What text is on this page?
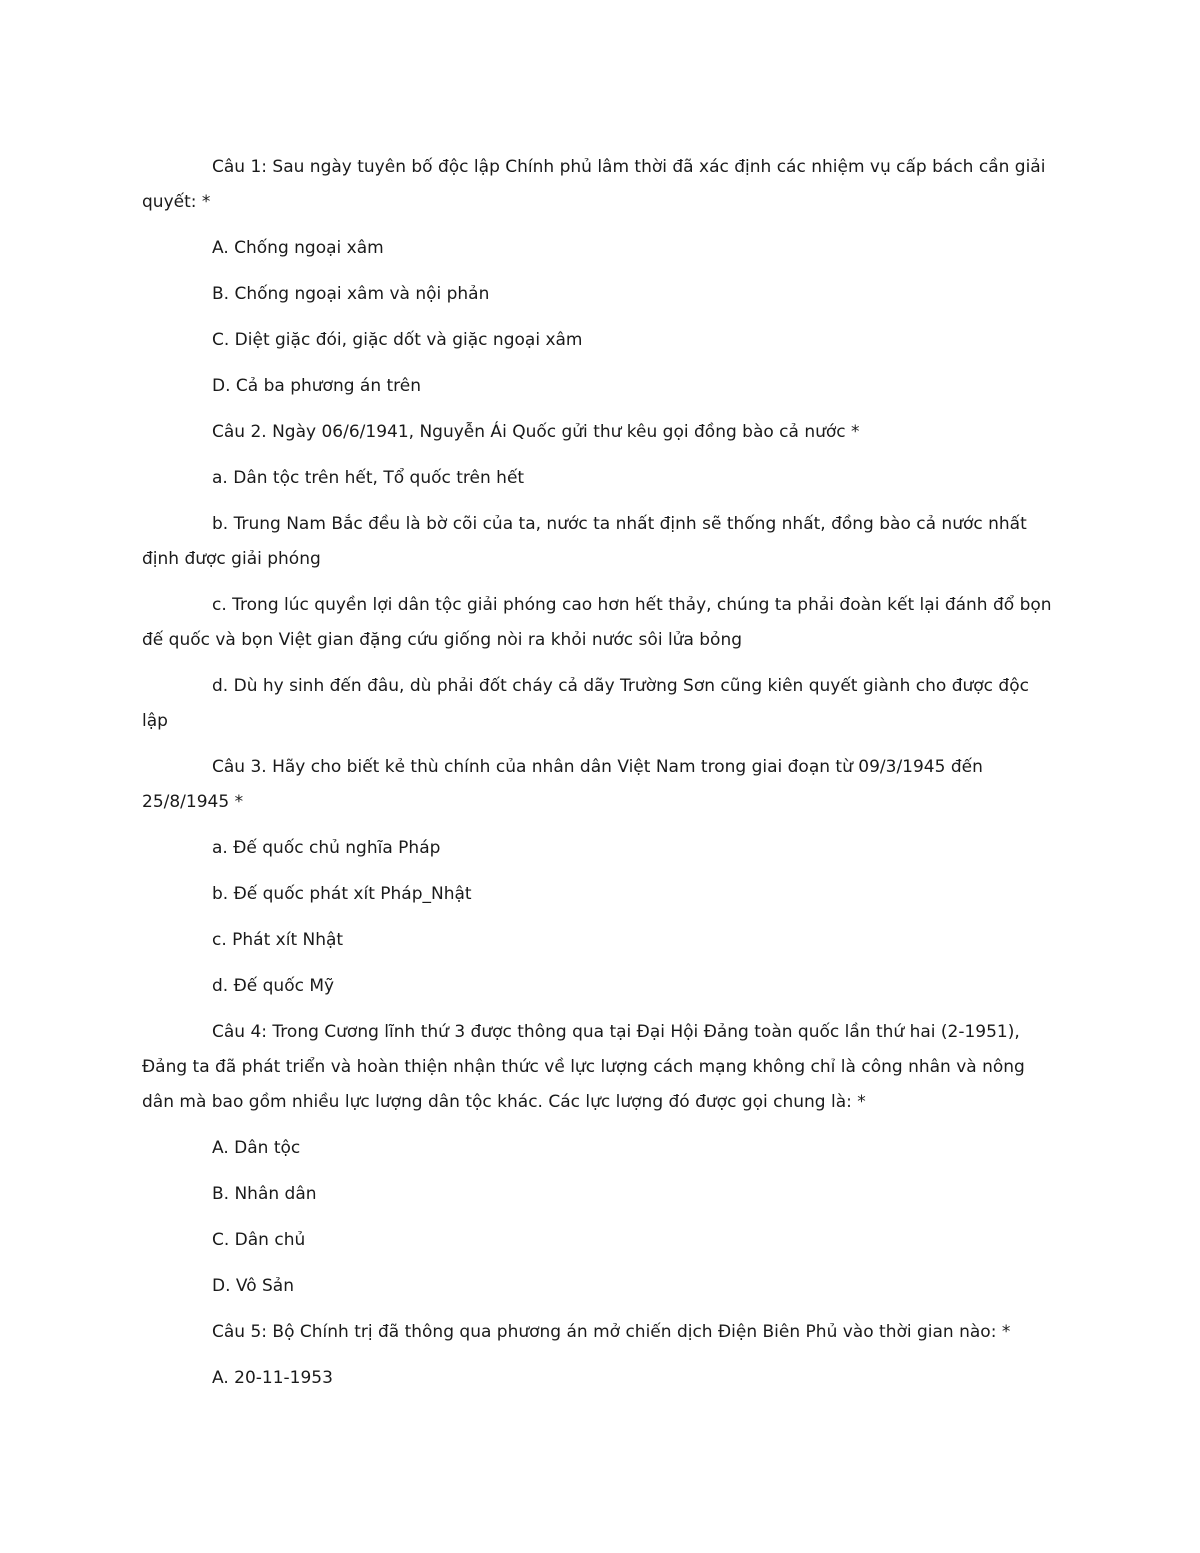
Câu 1: Sau ngày tuyên bố độc lập Chính phủ lâm thời đã xác định các nhiệm vụ cấp bách cần giải quyết: *

A. Chống ngoại xâm

B. Chống ngoại xâm và nội phản

C. Diệt giặc đói, giặc dốt và giặc ngoại xâm

D. Cả ba phương án trên

Câu 2. Ngày 06/6/1941, Nguyễn Ái Quốc gửi thư kêu gọi đồng bào cả nước *

a. Dân tộc trên hết, Tổ quốc trên hết

b. Trung Nam Bắc đều là bờ cõi của ta, nước ta nhất định sẽ thống nhất, đồng bào cả nước nhất định được giải phóng

c. Trong lúc quyền lợi dân tộc giải phóng cao hơn hết thảy, chúng ta phải đoàn kết lại đánh đổ bọn đế quốc và bọn Việt gian đặng cứu giống nòi ra khỏi nước sôi lửa bỏng

d. Dù hy sinh đến đâu, dù phải đốt cháy cả dãy Trường Sơn cũng kiên quyết giành cho được độc lập

Câu 3. Hãy cho biết kẻ thù chính của nhân dân Việt Nam trong giai đoạn từ 09/3/1945 đến 25/8/1945 *

a. Đế quốc chủ nghĩa Pháp

b. Đế quốc phát xít Pháp_Nhật

c. Phát xít Nhật

d. Đế quốc Mỹ

Câu 4: Trong Cương lĩnh thứ 3 được thông qua tại Đại Hội Đảng toàn quốc lần thứ hai (2-1951), Đảng ta đã phát triển và hoàn thiện nhận thức về lực lượng cách mạng không chỉ là công nhân và nông dân mà bao gồm nhiều lực lượng dân tộc khác. Các lực lượng đó được gọi chung là: *

A. Dân tộc

B. Nhân dân

C. Dân chủ

D. Vô Sản

Câu 5: Bộ Chính trị đã thông qua phương án mở chiến dịch Điện Biên Phủ vào thời gian nào: *

A. 20-11-1953
